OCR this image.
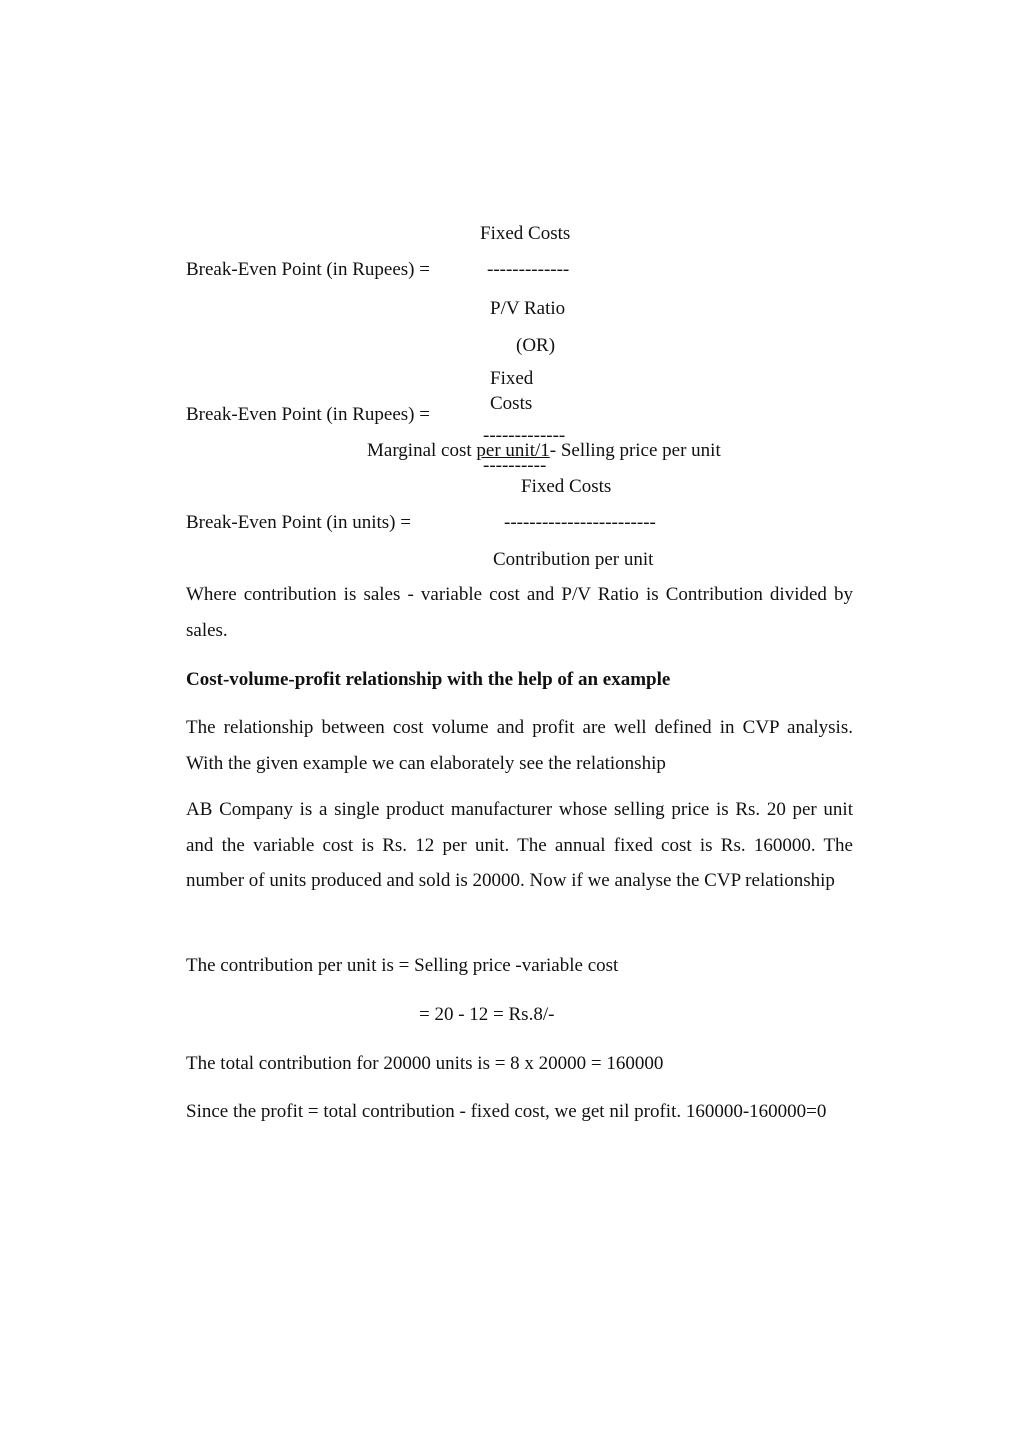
Fixed Costs

Break-Even Point (in Rupees) =	-------------

P/V Ratio

(OR)

Fixed

Costs

Break-Even Point (in Rupees) =

-------------

Marginal cost per unit/1- Selling price per unit

----------

Fixed Costs

Break-Even Point (in units) =	------------------------

Contribution per unit

Where contribution is sales - variable cost and P/V Ratio is Contribution divided by sales.

Cost-volume-profit relationship with the help of an example

The relationship between cost volume and profit are well defined in CVP analysis. With the given example we can elaborately see the relationship

AB Company is a single product manufacturer whose selling price is Rs. 20 per unit and the variable cost is Rs. 12 per unit. The annual fixed cost is Rs. 160000. The number of units produced and sold is 20000. Now if we analyse the CVP relationship

The contribution per unit is = Selling price -variable cost

= 20 - 12 = Rs.8/-

The total contribution for 20000 units is = 8 x 20000 = 160000

Since the profit = total contribution - fixed cost, we get nil profit. 160000-160000=0
